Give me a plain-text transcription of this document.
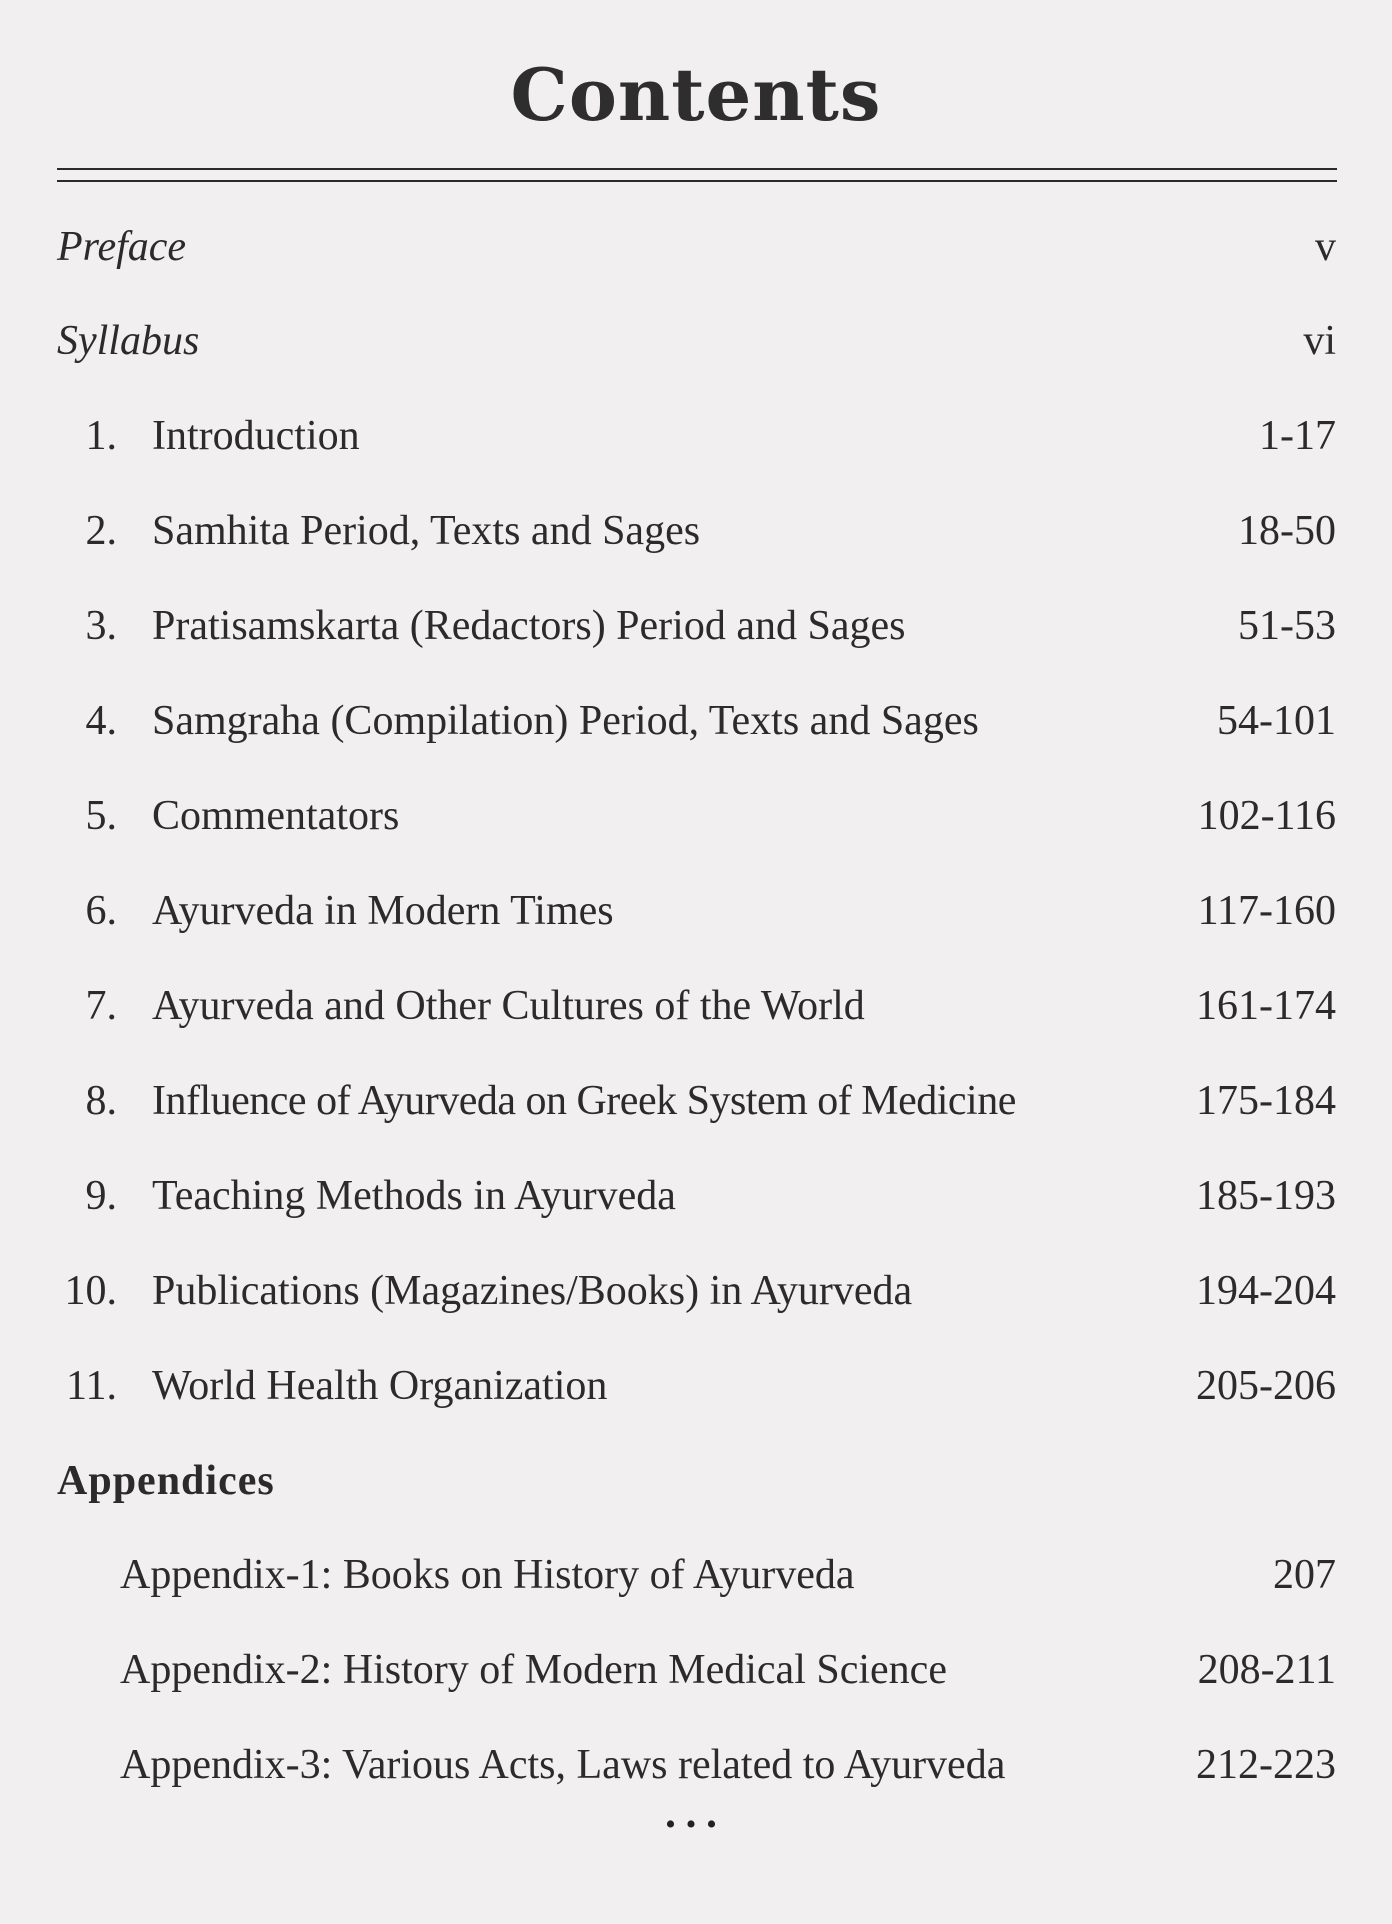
Contents
Preface	v
Syllabus	vi
1. Introduction	1-17
2. Samhita Period, Texts and Sages	18-50
3. Pratisamskarta (Redactors) Period and Sages	51-53
4. Samgraha (Compilation) Period, Texts and Sages	54-101
5. Commentators	102-116
6. Ayurveda in Modern Times	117-160
7. Ayurveda and Other Cultures of the World	161-174
8. Influence of Ayurveda on Greek System of Medicine	175-184
9. Teaching Methods in Ayurveda	185-193
10. Publications (Magazines/Books) in Ayurveda	194-204
11. World Health Organization	205-206
Appendices
Appendix-1: Books on History of Ayurveda	207
Appendix-2: History of Modern Medical Science	208-211
Appendix-3: Various Acts, Laws related to Ayurveda	212-223
•••
